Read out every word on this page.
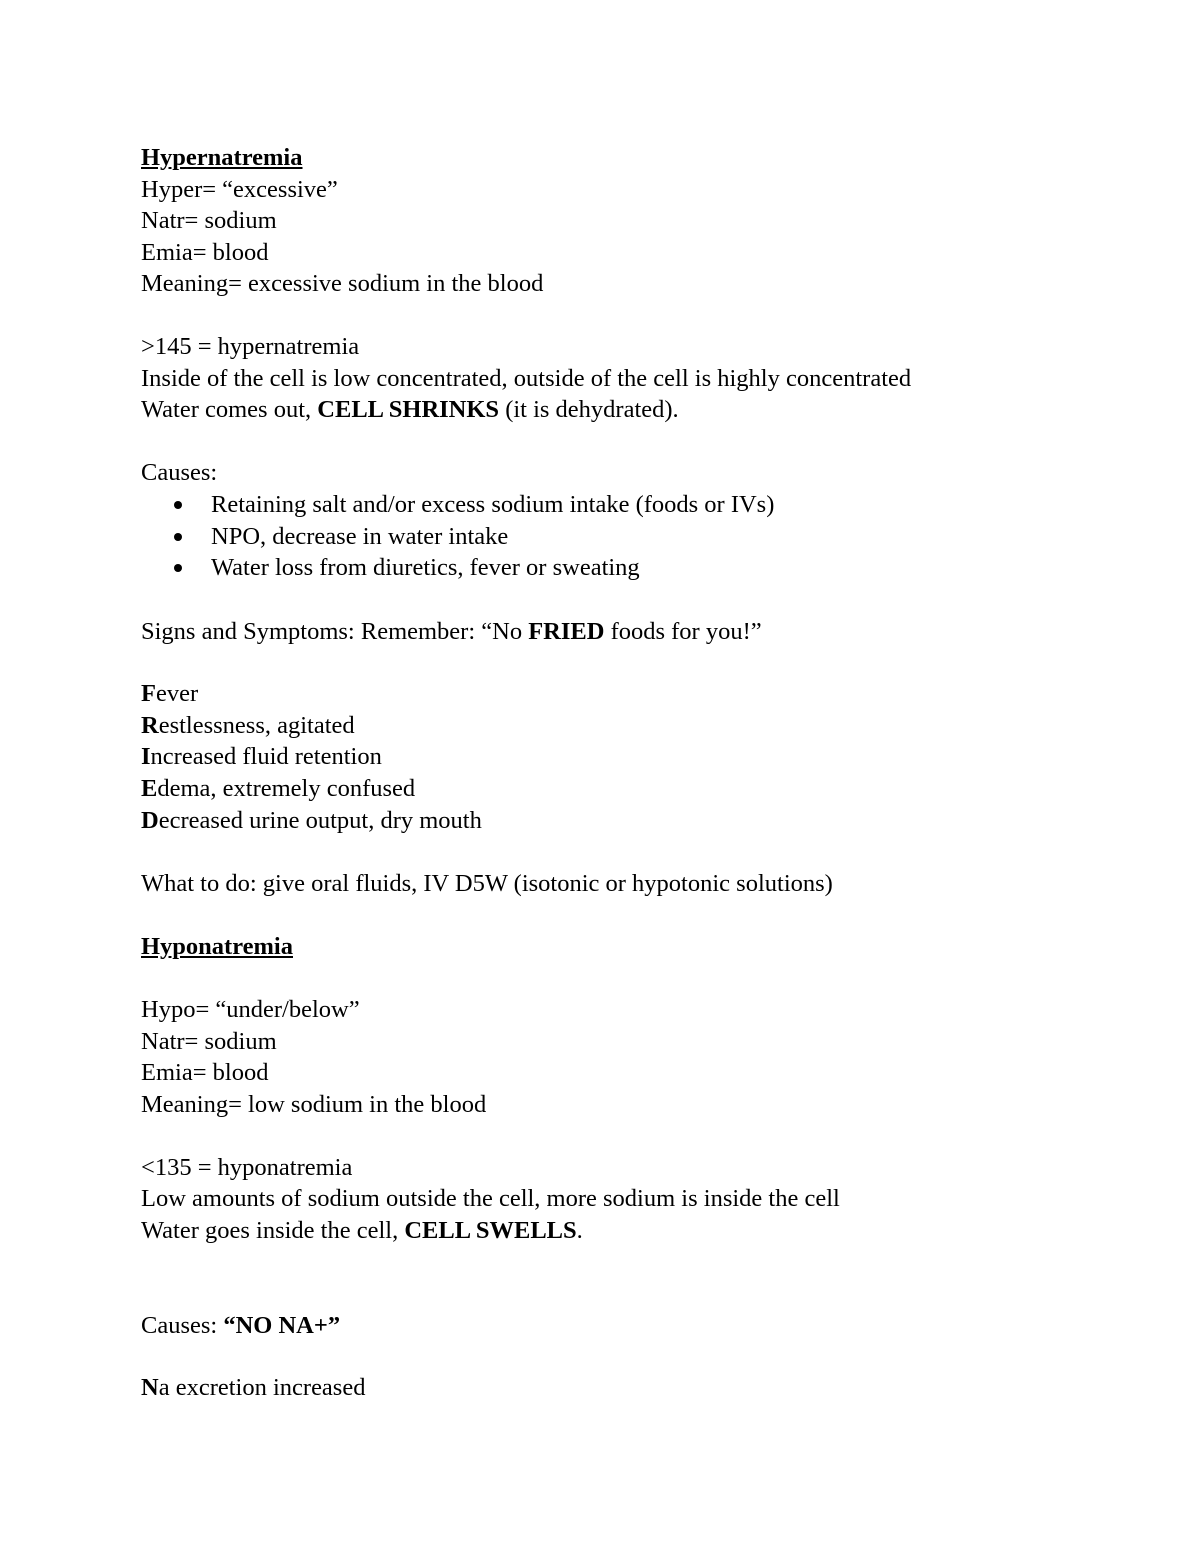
Hypernatremia
Hyper= “excessive”
Natr= sodium
Emia= blood
Meaning= excessive sodium in the blood
>145 = hypernatremia
Inside of the cell is low concentrated, outside of the cell is highly concentrated
Water comes out, CELL SHRINKS (it is dehydrated).
Causes:
Retaining salt and/or excess sodium intake (foods or IVs)
NPO, decrease in water intake
Water loss from diuretics, fever or sweating
Signs and Symptoms: Remember: “No FRIED foods for you!”
Fever
Restlessness, agitated
Increased fluid retention
Edema, extremely confused
Decreased urine output, dry mouth
What to do: give oral fluids, IV D5W (isotonic or hypotonic solutions)
Hyponatremia
Hypo= “under/below”
Natr= sodium
Emia= blood
Meaning= low sodium in the blood
<135 = hyponatremia
Low amounts of sodium outside the cell, more sodium is inside the cell
Water goes inside the cell, CELL SWELLS.
Causes: “NO NA+”
Na excretion increased
